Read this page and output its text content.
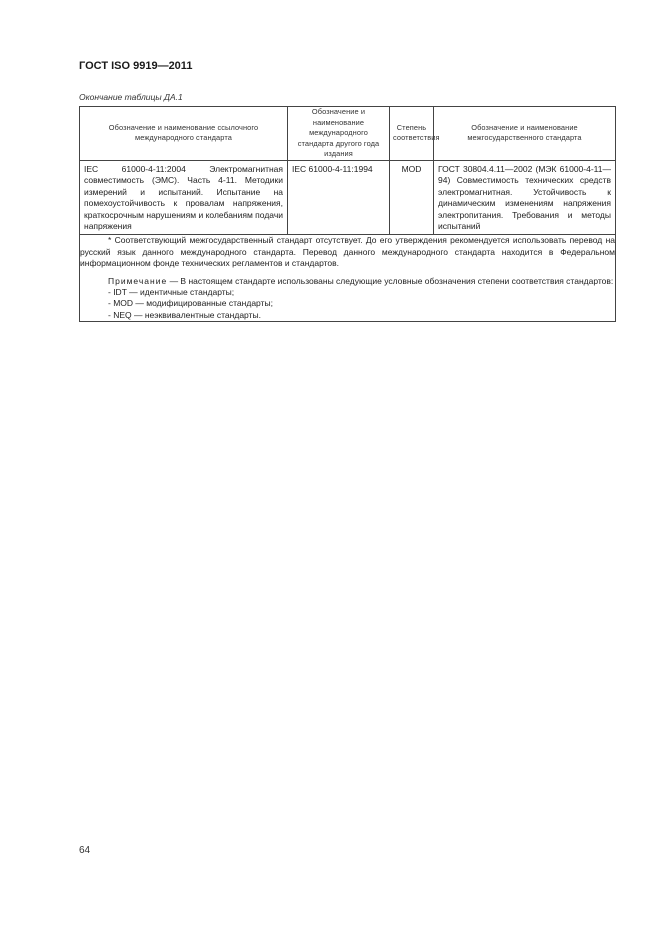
ГОСТ ISO 9919—2011
Окончание таблицы ДА.1
Обозначение и наименование ссылочного международного стандарта	Обозначение и наименование международного стандарта другого года издания	Степень соответствия	Обозначение и наименование межгосударственного стандарта

IEC 61000-4-11:2004 Электромагнитная совместимость (ЭМС). Часть 4-11. Методики измерений и испытаний. Испытание на помехоустойчивость к провалам напряжения, краткосрочным нарушениям и колебаниям подачи напряжения	IEC 61000-4-11:1994	MOD	ГОСТ 30804.4.11—2002 (МЭК 61000-4-11—94) Совместимость технических средств электромагнитная. Устойчивость к динамическим изменениям напряжения электропитания. Требования и методы испытаний

* Соответствующий межгосударственный стандарт отсутствует. До его утверждения рекомендуется использовать перевод на русский язык данного международного стандарта. Перевод данного международного стандарта находится в Федеральном информационном фонде технических регламентов и стандартов.

Примечание — В настоящем стандарте использованы следующие условные обозначения степени соответствия стандартов:

- IDT — идентичные стандарты;
- MOD — модифицированные стандарты;
- NEQ — неэквивалентные стандарты.			
64
